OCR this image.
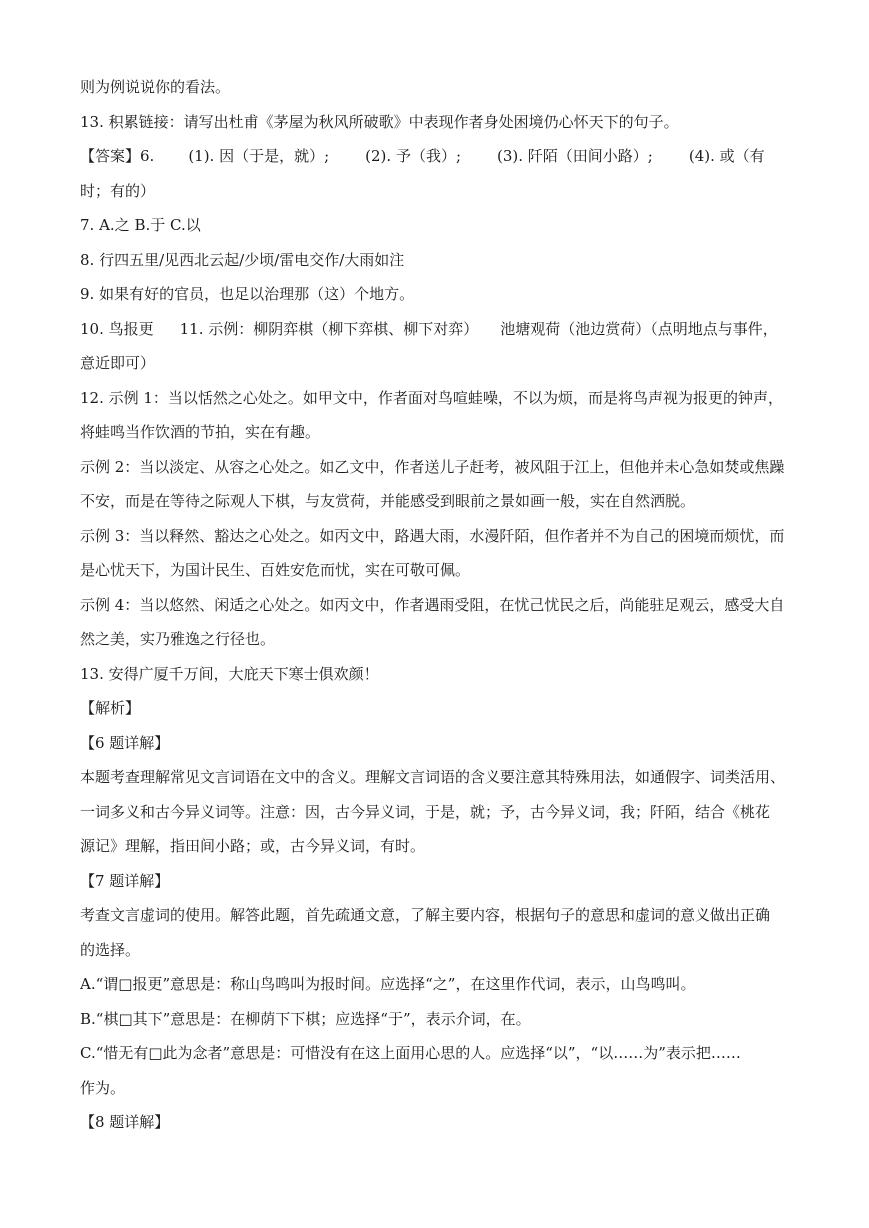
则为例说说你的看法。
13. 积累链接：请写出杜甫《茅屋为秋风所破歌》中表现作者身处困境仍心怀天下的句子。
【答案】6. (1). 因（于是，就）; (2). 予（我）; (3). 阡陌（田间小路）; (4). 或（有
时；有的）
7. A.之 B.于 C.以
8. 行四五里/见西北云起/少顷/雷电交作/大雨如注
9. 如果有好的官员，也足以治理那（这）个地方。
10. 鸟报更 11. 示例：柳阴弈棋（柳下弈棋、柳下对弈） 池塘观荷（池边赏荷）（点明地点与事件，
意近即可）
12. 示例 1：当以恬然之心处之。如甲文中，作者面对鸟喧蛙噪，不以为烦，而是将鸟声视为报更的钟声，
将蛙鸣当作饮酒的节拍，实在有趣。
示例 2：当以淡定、从容之心处之。如乙文中，作者送儿子赶考，被风阻于江上，但他并未心急如焚或焦躁
不安，而是在等待之际观人下棋，与友赏荷，并能感受到眼前之景如画一般，实在自然洒脱。
示例 3：当以释然、豁达之心处之。如丙文中，路遇大雨，水漫阡陌，但作者并不为自己的困境而烦忧，而
是心忧天下，为国计民生、百姓安危而忧，实在可敬可佩。
示例 4：当以悠然、闲适之心处之。如丙文中，作者遇雨受阻，在忧己忧民之后，尚能驻足观云，感受大自
然之美，实乃雅逸之行径也。
13. 安得广厦千万间，大庇天下寒士俱欢颜！
【解析】
【6 题详解】
本题考查理解常见文言词语在文中的含义。理解文言词语的含义要注意其特殊用法，如通假字、词类活用、
一词多义和古今异义词等。注意：因，古今异义词，于是，就；予，古今异义词，我；阡陌，结合《桃花
源记》理解，指田间小路；或，古今异义词，有时。
【7 题详解】
考查文言虚词的使用。解答此题，首先疏通文意，了解主要内容，根据句子的意思和虚词的意义做出正确
的选择。
A.“谓□报更”意思是：称山鸟鸣叫为报时间。应选择“之”，在这里作代词，表示，山鸟鸣叫。
B.“棋□其下”意思是：在柳荫下下棋；应选择“于”，表示介词，在。
C.“惜无有□此为念者”意思是：可惜没有在这上面用心思的人。应选择“以”，“以……为”表示把……
作为。
【8 题详解】
